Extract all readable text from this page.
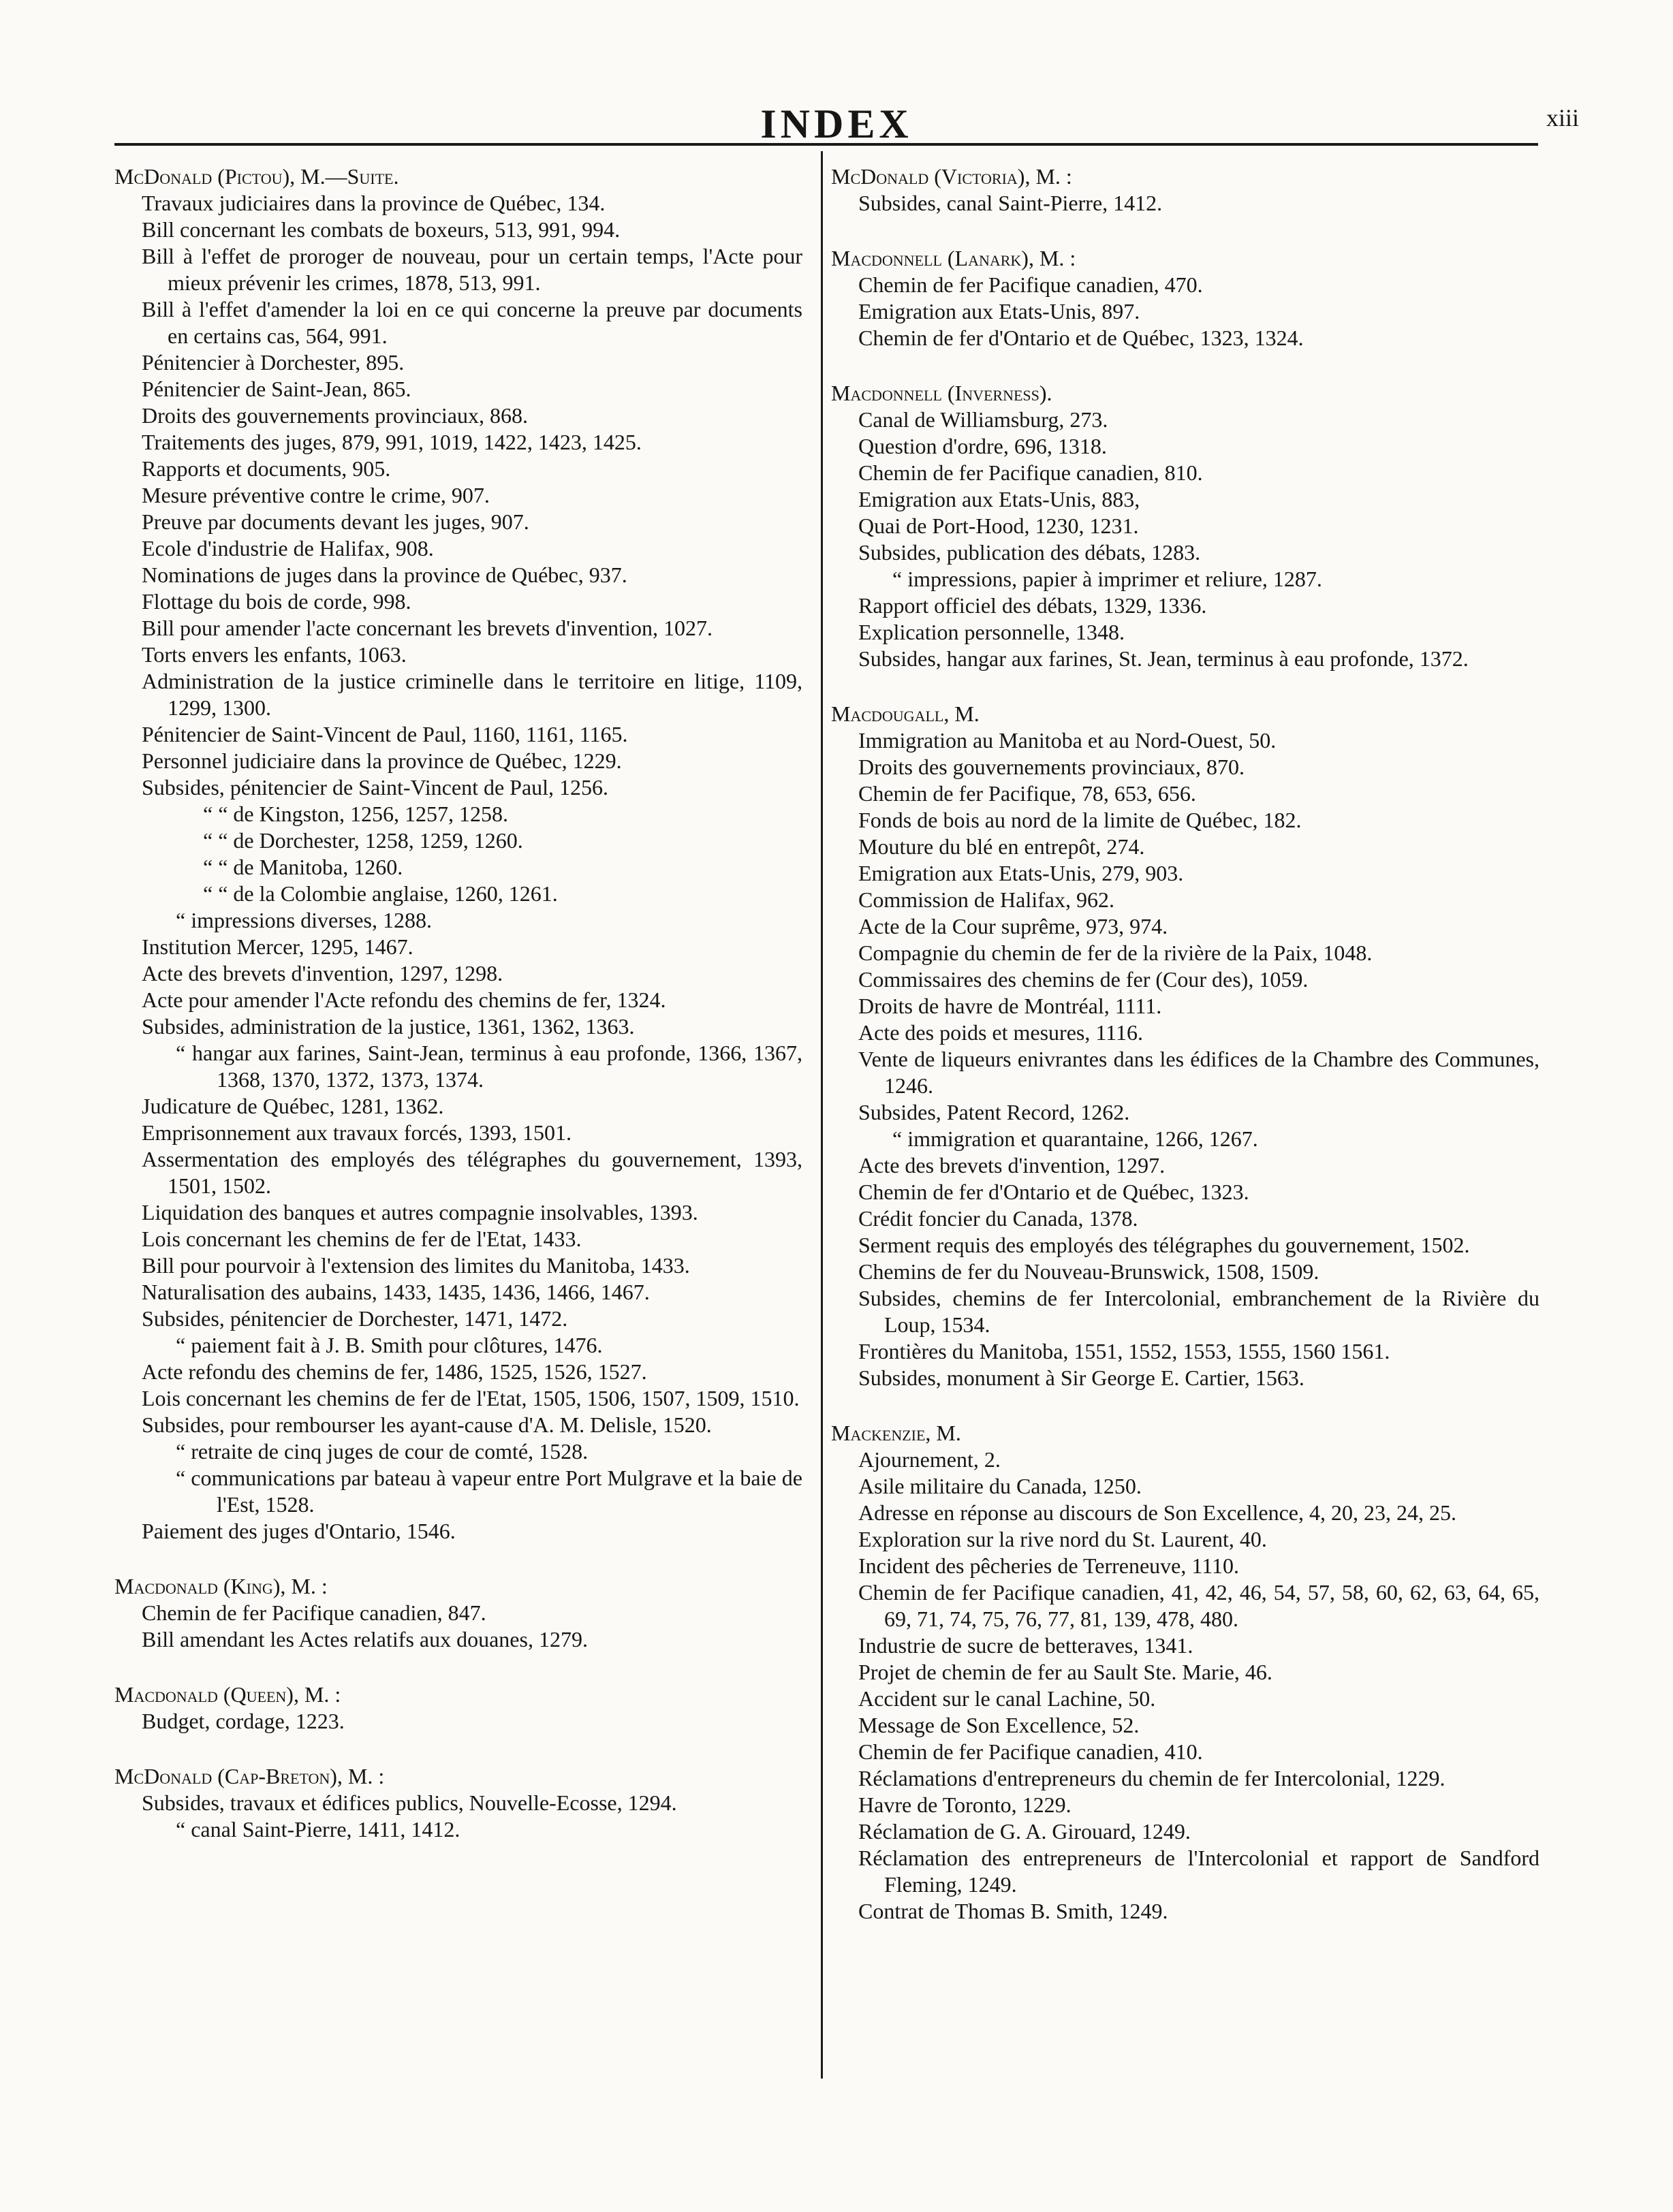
INDEX	xiii
McDonald (Pictou), M.—Suite.
Travaux judiciaires dans la province de Québec, 134.
Bill concernant les combats de boxeurs, 513, 991, 994.
Bill à l'effet de proroger de nouveau, pour un certain temps, l'Acte pour mieux prévenir les crimes, 1878, 513, 991.
Bill à l'effet d'amender la loi en ce qui concerne la preuve par documents en certains cas, 564, 991.
Pénitencier à Dorchester, 895.
Pénitencier de Saint-Jean, 865.
Droits des gouvernements provinciaux, 868.
Traitements des juges, 879, 991, 1019, 1422, 1423, 1425.
Rapports et documents, 905.
Mesure préventive contre le crime, 907.
Preuve par documents devant les juges, 907.
Ecole d'industrie de Halifax, 908.
Nominations de juges dans la province de Québec, 937.
Flottage du bois de corde, 998.
Bill pour amender l'acte concernant les brevets d'invention, 1027.
Torts envers les enfants, 1063.
Administration de la justice criminelle dans le territoire en litige, 1109, 1299, 1300.
Pénitencier de Saint-Vincent de Paul, 1160, 1161, 1165.
Personnel judiciaire dans la province de Québec, 1229.
Subsides, pénitencier de Saint-Vincent de Paul, 1256.
“ “ de Kingston, 1256, 1257, 1258.
“ “ de Dorchester, 1258, 1259, 1260.
“ “ de Manitoba, 1260.
“ “ de la Colombie anglaise, 1260, 1261.
“ impressions diverses, 1288.
Institution Mercer, 1295, 1467.
Acte des brevets d'invention, 1297, 1298.
Acte pour amender l'Acte refondu des chemins de fer, 1324.
Subsides, administration de la justice, 1361, 1362, 1363.
“ hangar aux farines, Saint-Jean, terminus à eau profonde, 1366, 1367, 1368, 1370, 1372, 1373, 1374.
Judicature de Québec, 1281, 1362.
Emprisonnement aux travaux forcés, 1393, 1501.
Assermentation des employés des télégraphes du gouvernement, 1393, 1501, 1502.
Liquidation des banques et autres compagnie insolvables, 1393.
Lois concernant les chemins de fer de l'Etat, 1433.
Bill pour pourvoir à l'extension des limites du Manitoba, 1433.
Naturalisation des aubains, 1433, 1435, 1436, 1466, 1467.
Subsides, pénitencier de Dorchester, 1471, 1472.
“ paiement fait à J. B. Smith pour clôtures, 1476.
Acte refondu des chemins de fer, 1486, 1525, 1526, 1527.
Lois concernant les chemins de fer de l'Etat, 1505, 1506, 1507, 1509, 1510.
Subsides, pour rembourser les ayant-cause d'A. M. Delisle, 1520.
“ retraite de cinq juges de cour de comté, 1528.
“ communications par bateau à vapeur entre Port Mulgrave et la baie de l'Est, 1528.
Paiement des juges d'Ontario, 1546.
Macdonald (King), M. :
Chemin de fer Pacifique canadien, 847.
Bill amendant les Actes relatifs aux douanes, 1279.
Macdonald (Queen), M. :
Budget, cordage, 1223.
McDonald (Cap-Breton), M. :
Subsides, travaux et édifices publics, Nouvelle-Ecosse, 1294.
“ canal Saint-Pierre, 1411, 1412.
McDonald (Victoria), M. :
Subsides, canal Saint-Pierre, 1412.
Macdonnell (Lanark), M. :
Chemin de fer Pacifique canadien, 470.
Emigration aux Etats-Unis, 897.
Chemin de fer d'Ontario et de Québec, 1323, 1324.
Macdonnell (Inverness).
Canal de Williamsburg, 273.
Question d'ordre, 696, 1318.
Chemin de fer Pacifique canadien, 810.
Emigration aux Etats-Unis, 883,
Quai de Port-Hood, 1230, 1231.
Subsides, publication des débats, 1283.
“ impressions, papier à imprimer et reliure, 1287.
Rapport officiel des débats, 1329, 1336.
Explication personnelle, 1348.
Subsides, hangar aux farines, St. Jean, terminus à eau profonde, 1372.
Macdougall, M.
Immigration au Manitoba et au Nord-Ouest, 50.
Droits des gouvernements provinciaux, 870.
Chemin de fer Pacifique, 78, 653, 656.
Fonds de bois au nord de la limite de Québec, 182.
Mouture du blé en entrepôt, 274.
Emigration aux Etats-Unis, 279, 903.
Commission de Halifax, 962.
Acte de la Cour suprême, 973, 974.
Compagnie du chemin de fer de la rivière de la Paix, 1048.
Commissaires des chemins de fer (Cour des), 1059.
Droits de havre de Montréal, 1111.
Acte des poids et mesures, 1116.
Vente de liqueurs enivrantes dans les édifices de la Chambre des Communes, 1246.
Subsides, Patent Record, 1262.
“ immigration et quarantaine, 1266, 1267.
Acte des brevets d'invention, 1297.
Chemin de fer d'Ontario et de Québec, 1323.
Crédit foncier du Canada, 1378.
Serment requis des employés des télégraphes du gouvernement, 1502.
Chemins de fer du Nouveau-Brunswick, 1508, 1509.
Subsides, chemins de fer Intercolonial, embranchement de la Rivière du Loup, 1534.
Frontières du Manitoba, 1551, 1552, 1553, 1555, 1560 1561.
Subsides, monument à Sir George E. Cartier, 1563.
Mackenzie, M.
Ajournement, 2.
Asile militaire du Canada, 1250.
Adresse en réponse au discours de Son Excellence, 4, 20, 23, 24, 25.
Exploration sur la rive nord du St. Laurent, 40.
Incident des pêcheries de Terreneuve, 1110.
Chemin de fer Pacifique canadien, 41, 42, 46, 54, 57, 58, 60, 62, 63, 64, 65, 69, 71, 74, 75, 76, 77, 81, 139, 478, 480.
Industrie de sucre de betteraves, 1341.
Projet de chemin de fer au Sault Ste. Marie, 46.
Accident sur le canal Lachine, 50.
Message de Son Excellence, 52.
Chemin de fer Pacifique canadien, 410.
Réclamations d'entrepreneurs du chemin de fer Intercolonial, 1229.
Havre de Toronto, 1229.
Réclamation de G. A. Girouard, 1249.
Réclamation des entrepreneurs de l'Intercolonial et rapport de Sandford Fleming, 1249.
Contrat de Thomas B. Smith, 1249.
